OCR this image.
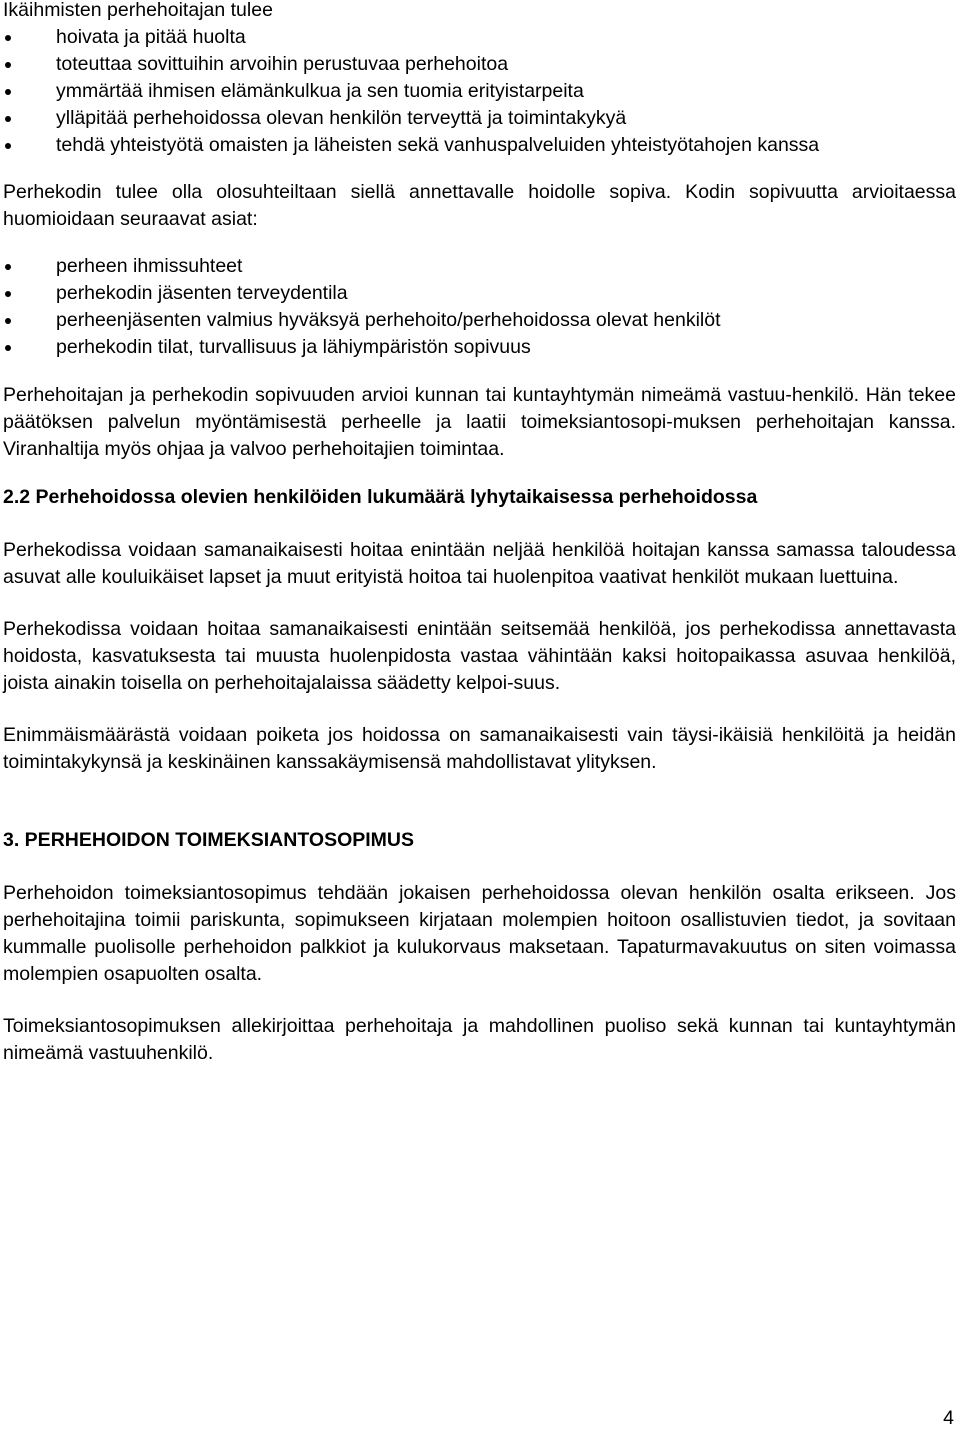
Ikäihmisten perhehoitajan tulee

hoivata ja pitää huolta
toteuttaa sovittuihin arvoihin perustuvaa perhehoitoa
ymmärtää ihmisen elämänkulkua ja sen tuomia erityistarpeita
ylläpitää perhehoidossa olevan henkilön terveyttä ja toimintakykyä
tehdä yhteistyötä omaisten ja läheisten sekä vanhuspalveluiden yhteistyötahojen kanssa

Perhekodin tulee olla olosuhteiltaan siellä annettavalle hoidolle sopiva. Kodin sopivuutta arvioitaessa huomioidaan seuraavat asiat:

perheen ihmissuhteet
perhekodin jäsenten terveydentila
perheenjäsenten valmius hyväksyä perhehoito/perhehoidossa olevat henkilöt
perhekodin tilat, turvallisuus ja lähiympäristön sopivuus

Perhehoitajan ja perhekodin sopivuuden arvioi kunnan tai kuntayhtymän nimeämä vastuu-henkilö. Hän tekee päätöksen palvelun myöntämisestä perheelle ja laatii toimeksiantosopi-muksen perhehoitajan kanssa. Viranhaltija myös ohjaa ja valvoo perhehoitajien toimintaa.

2.2 Perhehoidossa olevien henkilöiden lukumäärä lyhytaikaisessa perhehoidossa

Perhekodissa voidaan samanaikaisesti hoitaa enintään neljää henkilöä hoitajan kanssa samassa taloudessa asuvat alle kouluikäiset lapset ja muut erityistä hoitoa tai huolenpitoa vaativat henkilöt mukaan luettuina.

Perhekodissa voidaan hoitaa samanaikaisesti enintään seitsemää henkilöä, jos perhekodissa annettavasta hoidosta, kasvatuksesta tai muusta huolenpidosta vastaa vähintään kaksi hoitopaikassa asuvaa henkilöä, joista ainakin toisella on perhehoitajalaissa säädetty kelpoi-suus.

Enimmäismäärästä voidaan poiketa jos hoidossa on samanaikaisesti vain täysi-ikäisiä henkilöitä ja heidän toimintakykynsä ja keskinäinen kanssakäymisensä mahdollistavat ylityksen.

3. PERHEHOIDON TOIMEKSIANTOSOPIMUS

Perhehoidon toimeksiantosopimus tehdään jokaisen perhehoidossa olevan henkilön osalta erikseen. Jos perhehoitajina toimii pariskunta, sopimukseen kirjataan molempien hoitoon osallistuvien tiedot, ja sovitaan kummalle puolisolle perhehoidon palkkiot ja kulukorvaus maksetaan. Tapaturmavakuutus on siten voimassa molempien osapuolten osalta.

Toimeksiantosopimuksen allekirjoittaa perhehoitaja ja mahdollinen puoliso sekä kunnan tai kuntayhtymän nimeämä vastuuhenkilö.

4
